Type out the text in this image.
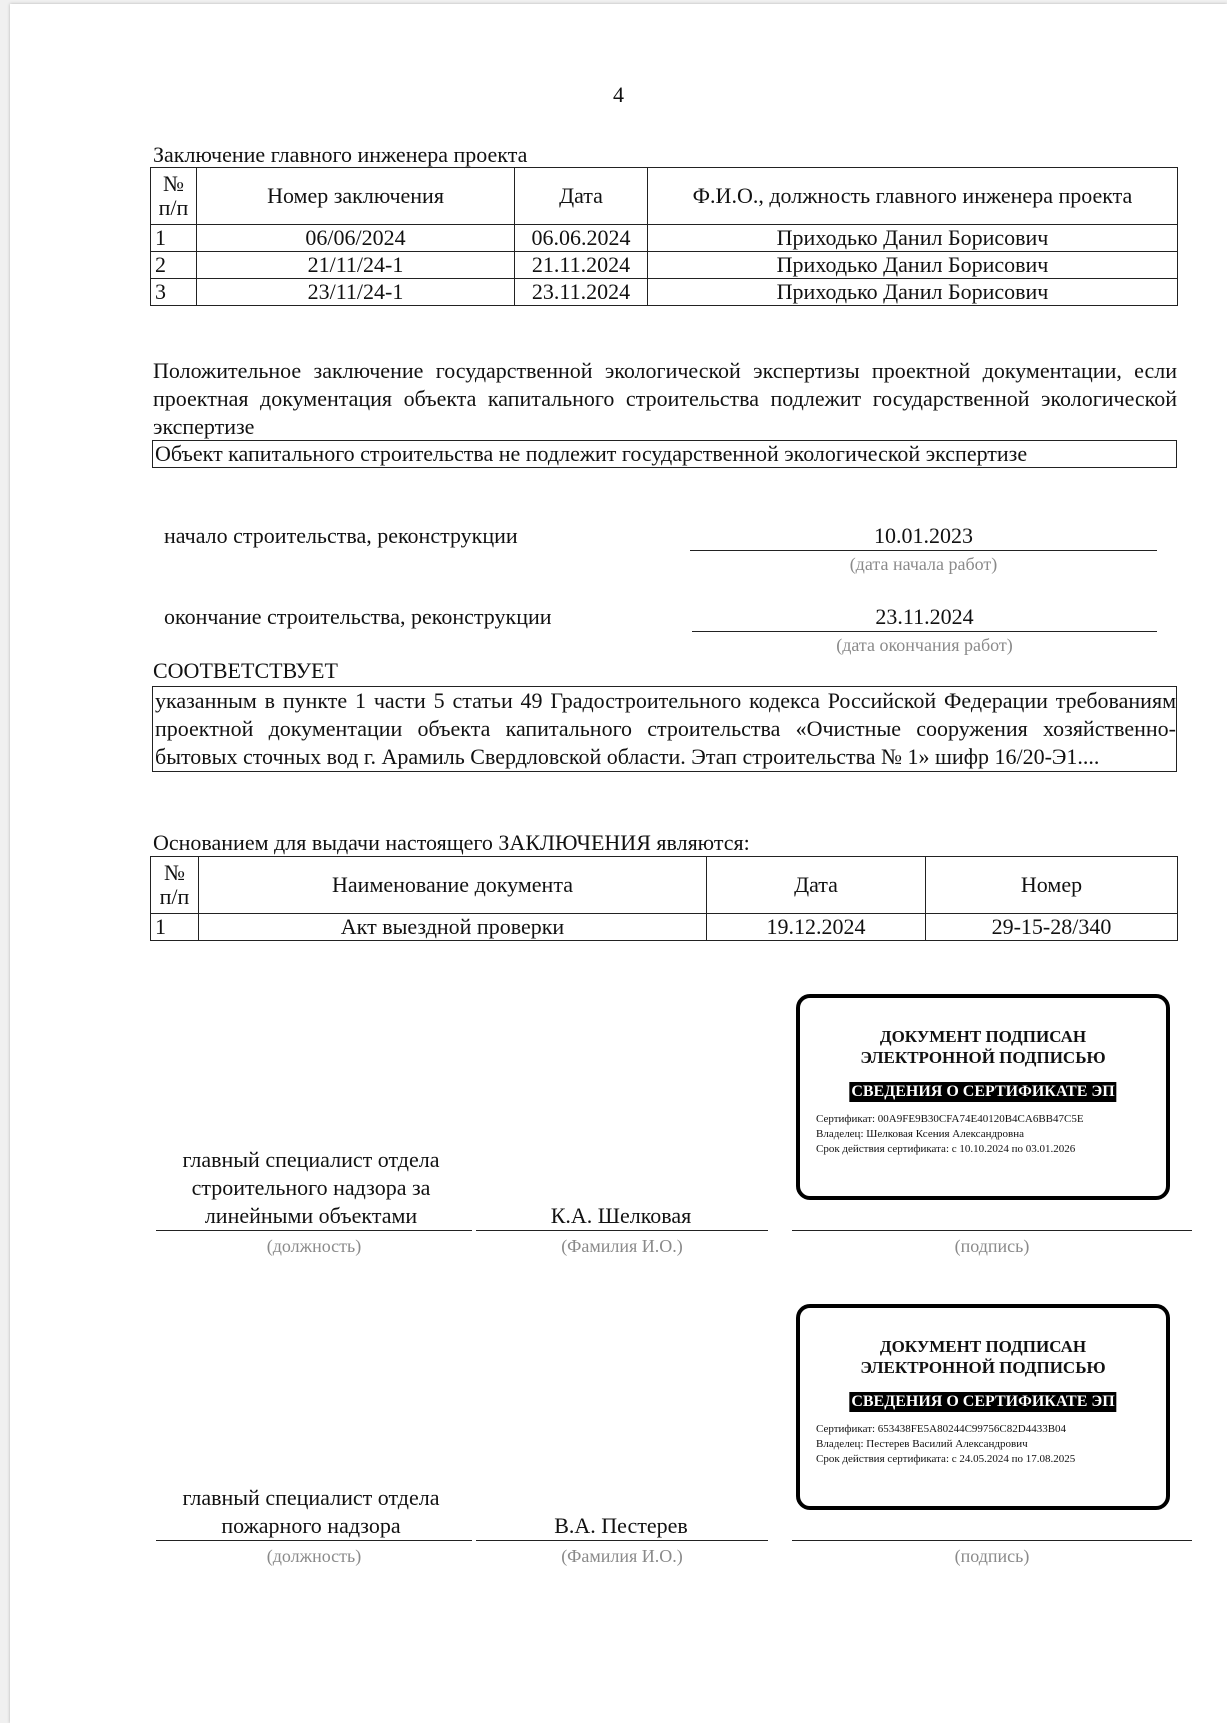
4
Заключение главного инженера проекта
№ п/п	Номер заключения	Дата	Ф.И.О., должность главного инженера проекта
1	06/06/2024	06.06.2024	Приходько Данил Борисович
2	21/11/24-1	21.11.2024	Приходько Данил Борисович
3	23/11/24-1	23.11.2024	Приходько Данил Борисович
Положительное заключение государственной экологической экспертизы проектной документации, если проектная документация объекта капитального строительства подлежит государственной экологической экспертизе
Объект капитального строительства не подлежит государственной экологической экспертизе
начало строительства, реконструкции	10.01.2023
(дата начала работ)
окончание строительства, реконструкции	23.11.2024
(дата окончания работ)
СООТВЕТСТВУЕТ
указанным в пункте 1 части 5 статьи 49 Градостроительного кодекса Российской Федерации требованиям проектной документации объекта капитального строительства «Очистные сооружения хозяйственно-бытовых сточных вод г. Арамиль Свердловской области. Этап строительства № 1» шифр 16/20-Э1....
Основанием для выдачи настоящего ЗАКЛЮЧЕНИЯ являются:
№ п/п	Наименование документа	Дата	Номер
1	Акт выездной проверки	19.12.2024	29-15-28/340
ДОКУМЕНТ ПОДПИСАН ЭЛЕКТРОННОЙ ПОДПИСЬЮ
СВЕДЕНИЯ О СЕРТИФИКАТЕ ЭП
Сертификат: 00A9FE9B30CFA74E40120​B4CA6BB47C5E
Владелец: Шелковая Ксения Александровна
Срок действия сертификата: с 10.10.2024 по 03.01.2026
главный специалист отдела строительного надзора за линейными объектами
(должность)
К.А. Шелковая
(Фамилия И.О.)	(подпись)
ДОКУМЕНТ ПОДПИСАН ЭЛЕКТРОННОЙ ПОДПИСЬЮ
СВЕДЕНИЯ О СЕРТИФИКАТЕ ЭП
Сертификат: 653438FE5A80244C99756C82D4433B04
Владелец: Пестерев Василий Александрович
Срок действия сертификата: с 24.05.2024 по 17.08.2025
главный специалист отдела пожарного надзора
(должность)
В.А. Пестерев
(Фамилия И.О.)	(подпись)
